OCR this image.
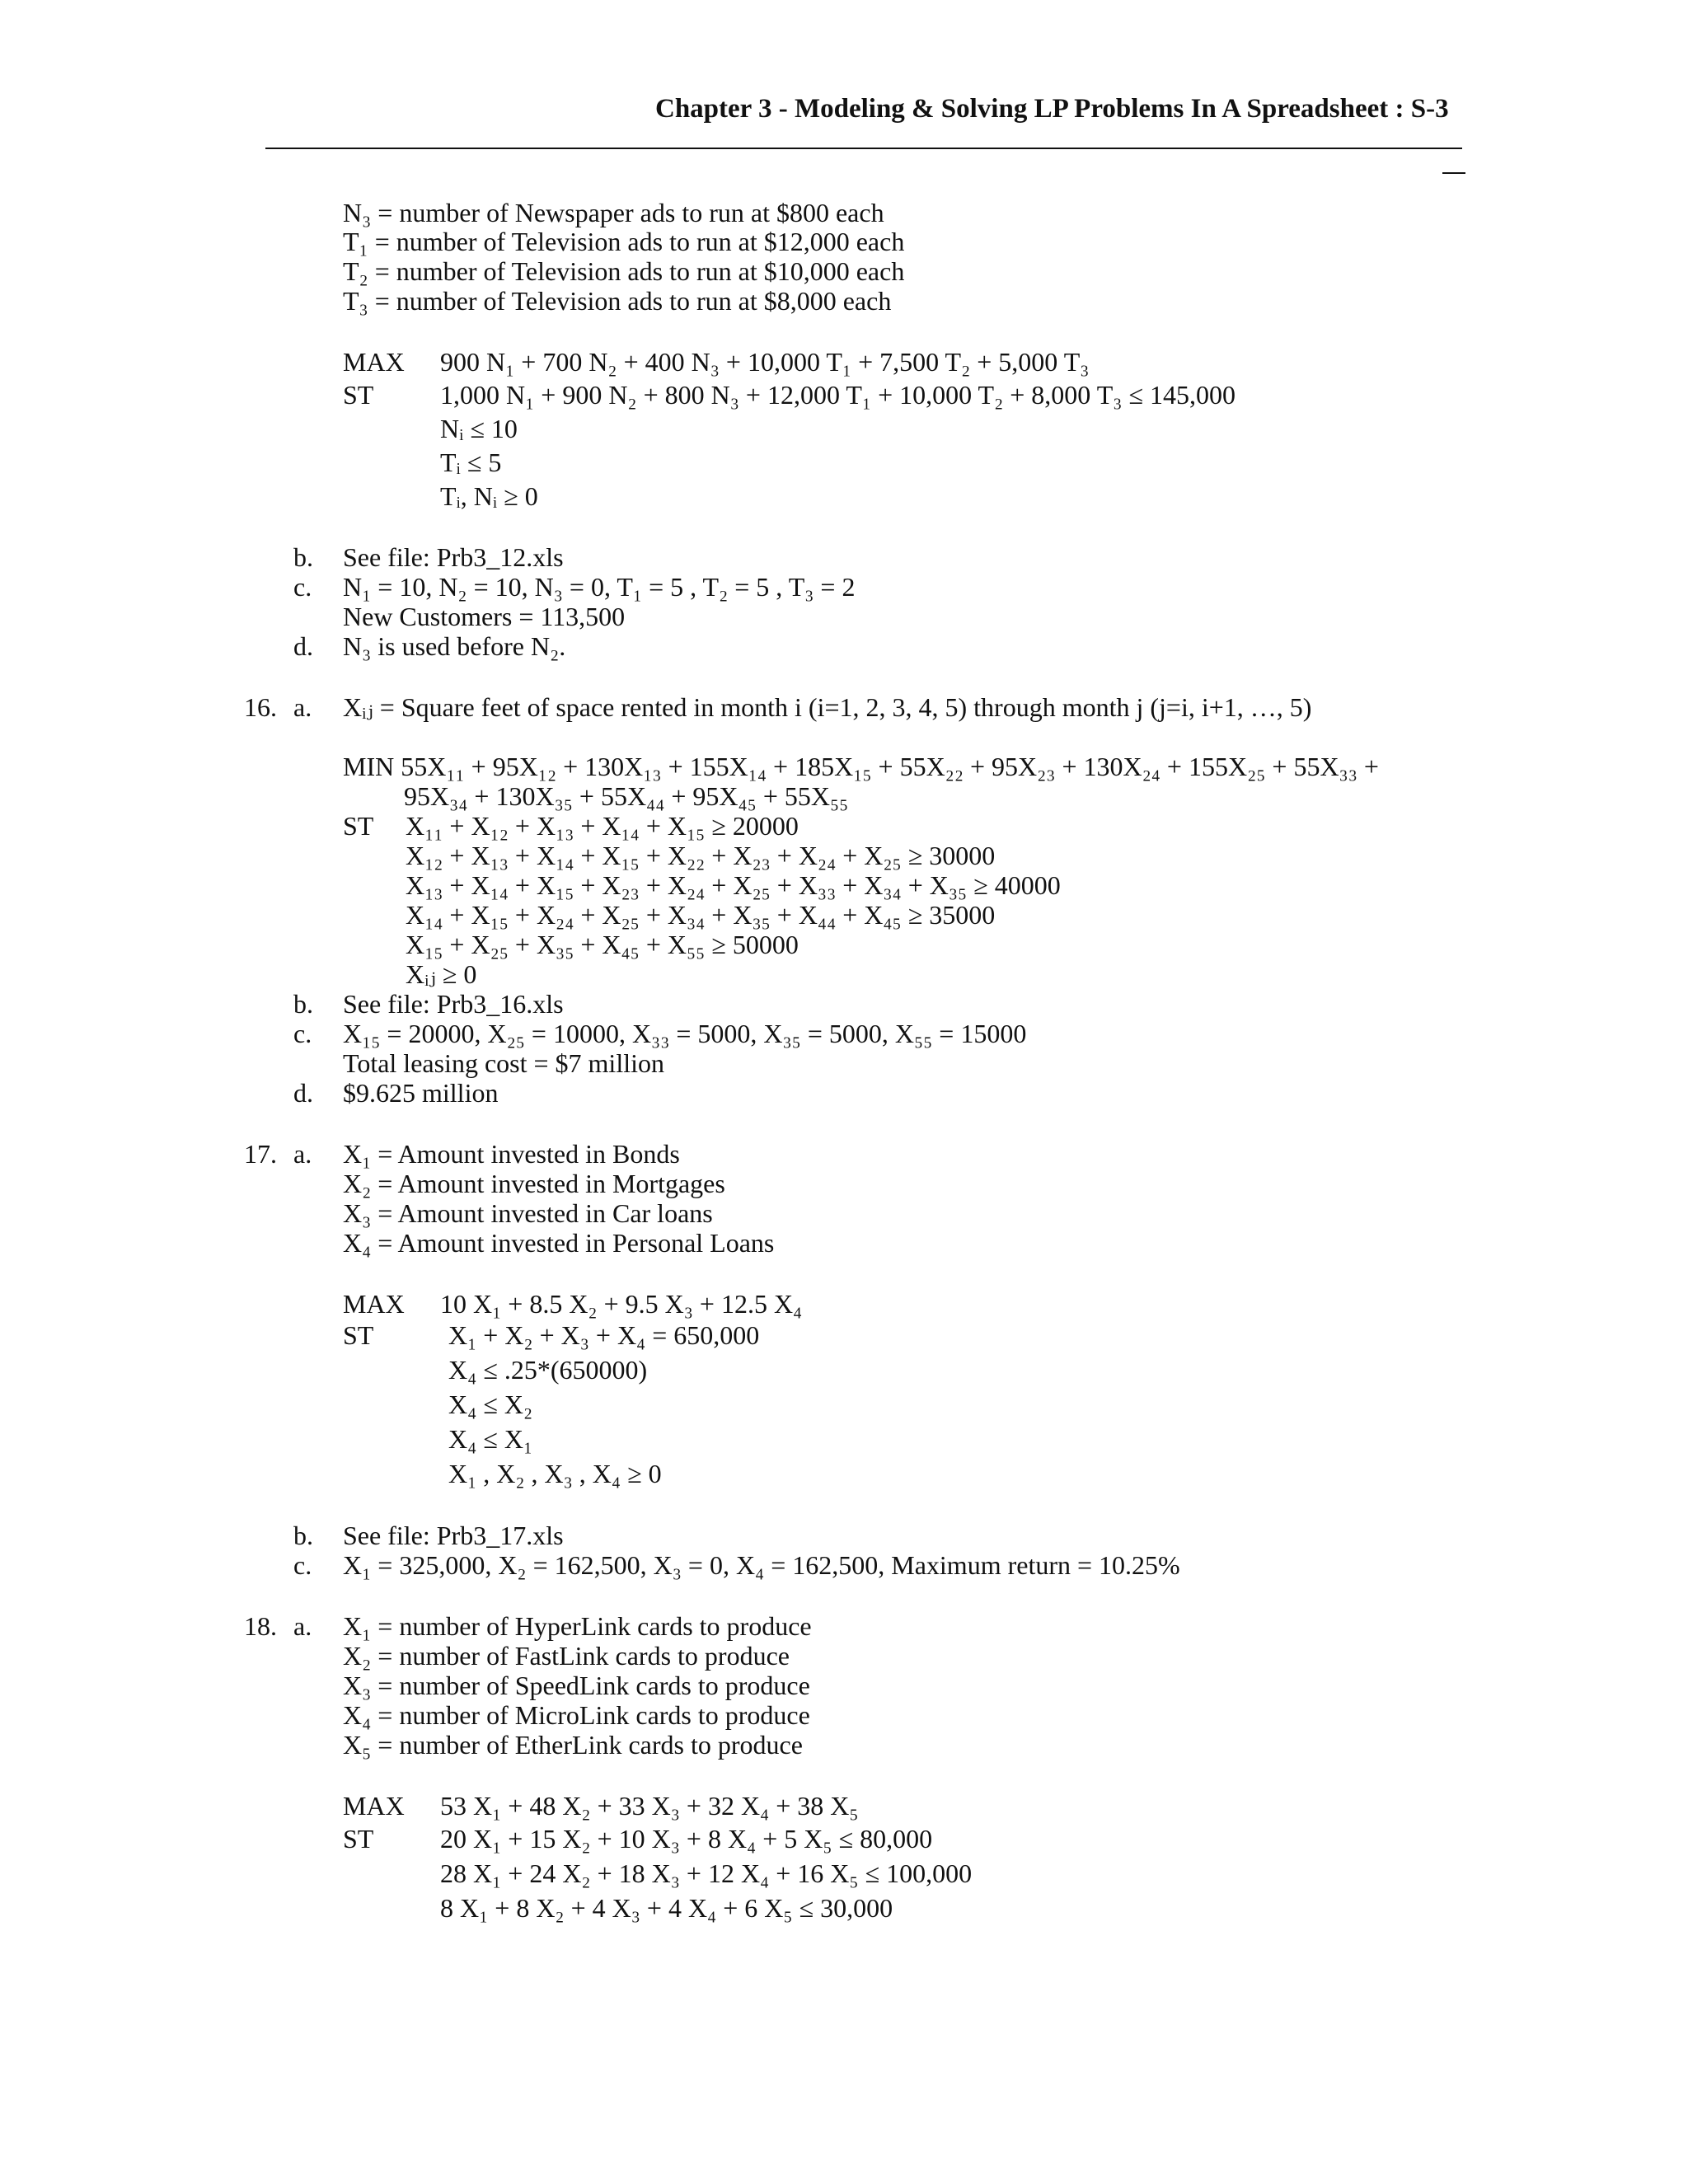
Chapter 3 - Modeling & Solving LP Problems In A Spreadsheet : S-3
N₃ = number of Newspaper ads to run at $800 each
T₁ = number of Television ads to run at $12,000 each
T₂ = number of Television ads to run at $10,000 each
T₃ = number of Television ads to run at $8,000 each
MAX 900 N₁ + 700 N₂ + 400 N₃ + 10,000 T₁ + 7,500 T₂ + 5,000 T₃
ST	1,000 N₁ + 900 N₂ + 800 N₃ + 12,000 T₁ + 10,000 T₂ + 8,000 T₃ ≤ 145,000
Nᵢ ≤ 10
Tᵢ ≤ 5
Tᵢ, Nᵢ ≥ 0
b. See file: Prb3_12.xls
c. N₁ = 10, N₂ = 10, N₃ = 0, T₁ = 5 , T₂ = 5 , T₃ = 2
New Customers = 113,500
d. N₃ is used before N₂.
16. a. Xᵢⱼ = Square feet of space rented in month i (i=1, 2, 3, 4, 5) through month j (j=i, i+1, …, 5)
MIN 55X₁₁ + 95X₁₂ + 130X₁₃ + 155X₁₄ + 185X₁₅ + 55X₂₂ + 95X₂₃ + 130X₂₄ + 155X₂₅ + 55X₃₃ +
95X₃₄ + 130X₃₅ + 55X₄₄ + 95X₄₅ + 55X₅₅
ST X₁₁ + X₁₂ + X₁₃ + X₁₄ + X₁₅ ≥ 20000
X₁₂ + X₁₃ + X₁₄ + X₁₅ + X₂₂ + X₂₃ + X₂₄ + X₂₅ ≥ 30000
X₁₃ + X₁₄ + X₁₅ + X₂₃ + X₂₄ + X₂₅ + X₃₃ + X₃₄ + X₃₅ ≥ 40000
X₁₄ + X₁₅ + X₂₄ + X₂₅ + X₃₄ + X₃₅ + X₄₄ + X₄₅ ≥ 35000
X₁₅ + X₂₅ + X₃₅ + X₄₅ + X₅₅ ≥ 50000
Xᵢⱼ ≥ 0
b. See file: Prb3_16.xls
c. X₁₅ = 20000, X₂₅ = 10000, X₃₃ = 5000, X₃₅ = 5000, X₅₅ = 15000
Total leasing cost = $7 million
d. $9.625 million
17. a. X₁ = Amount invested in Bonds
X₂ = Amount invested in Mortgages
X₃ = Amount invested in Car loans
X₄ = Amount invested in Personal Loans
MAX 10 X₁ + 8.5 X₂ + 9.5 X₃ + 12.5 X₄
ST	X₁ + X₂ + X₃ + X₄ = 650,000
X₄ ≤ .25*(650000)
X₄ ≤ X₂
X₄ ≤ X₁
X₁ , X₂ , X₃ , X₄ ≥ 0
b. See file: Prb3_17.xls
c. X₁ = 325,000, X₂ = 162,500, X₃ = 0, X₄ = 162,500, Maximum return = 10.25%
18. a. X₁ = number of HyperLink cards to produce
X₂ = number of FastLink cards to produce
X₃ = number of SpeedLink cards to produce
X₄ = number of MicroLink cards to produce
X₅ = number of EtherLink cards to produce
MAX 53 X₁ + 48 X₂ + 33 X₃ + 32 X₄ + 38 X₅
ST	20 X₁ + 15 X₂ + 10 X₃ + 8 X₄ + 5 X₅ ≤ 80,000
28 X₁ + 24 X₂ + 18 X₃ + 12 X₄ + 16 X₅ ≤ 100,000
8 X₁ + 8 X₂ + 4 X₃ + 4 X₄ + 6 X₅ ≤ 30,000
